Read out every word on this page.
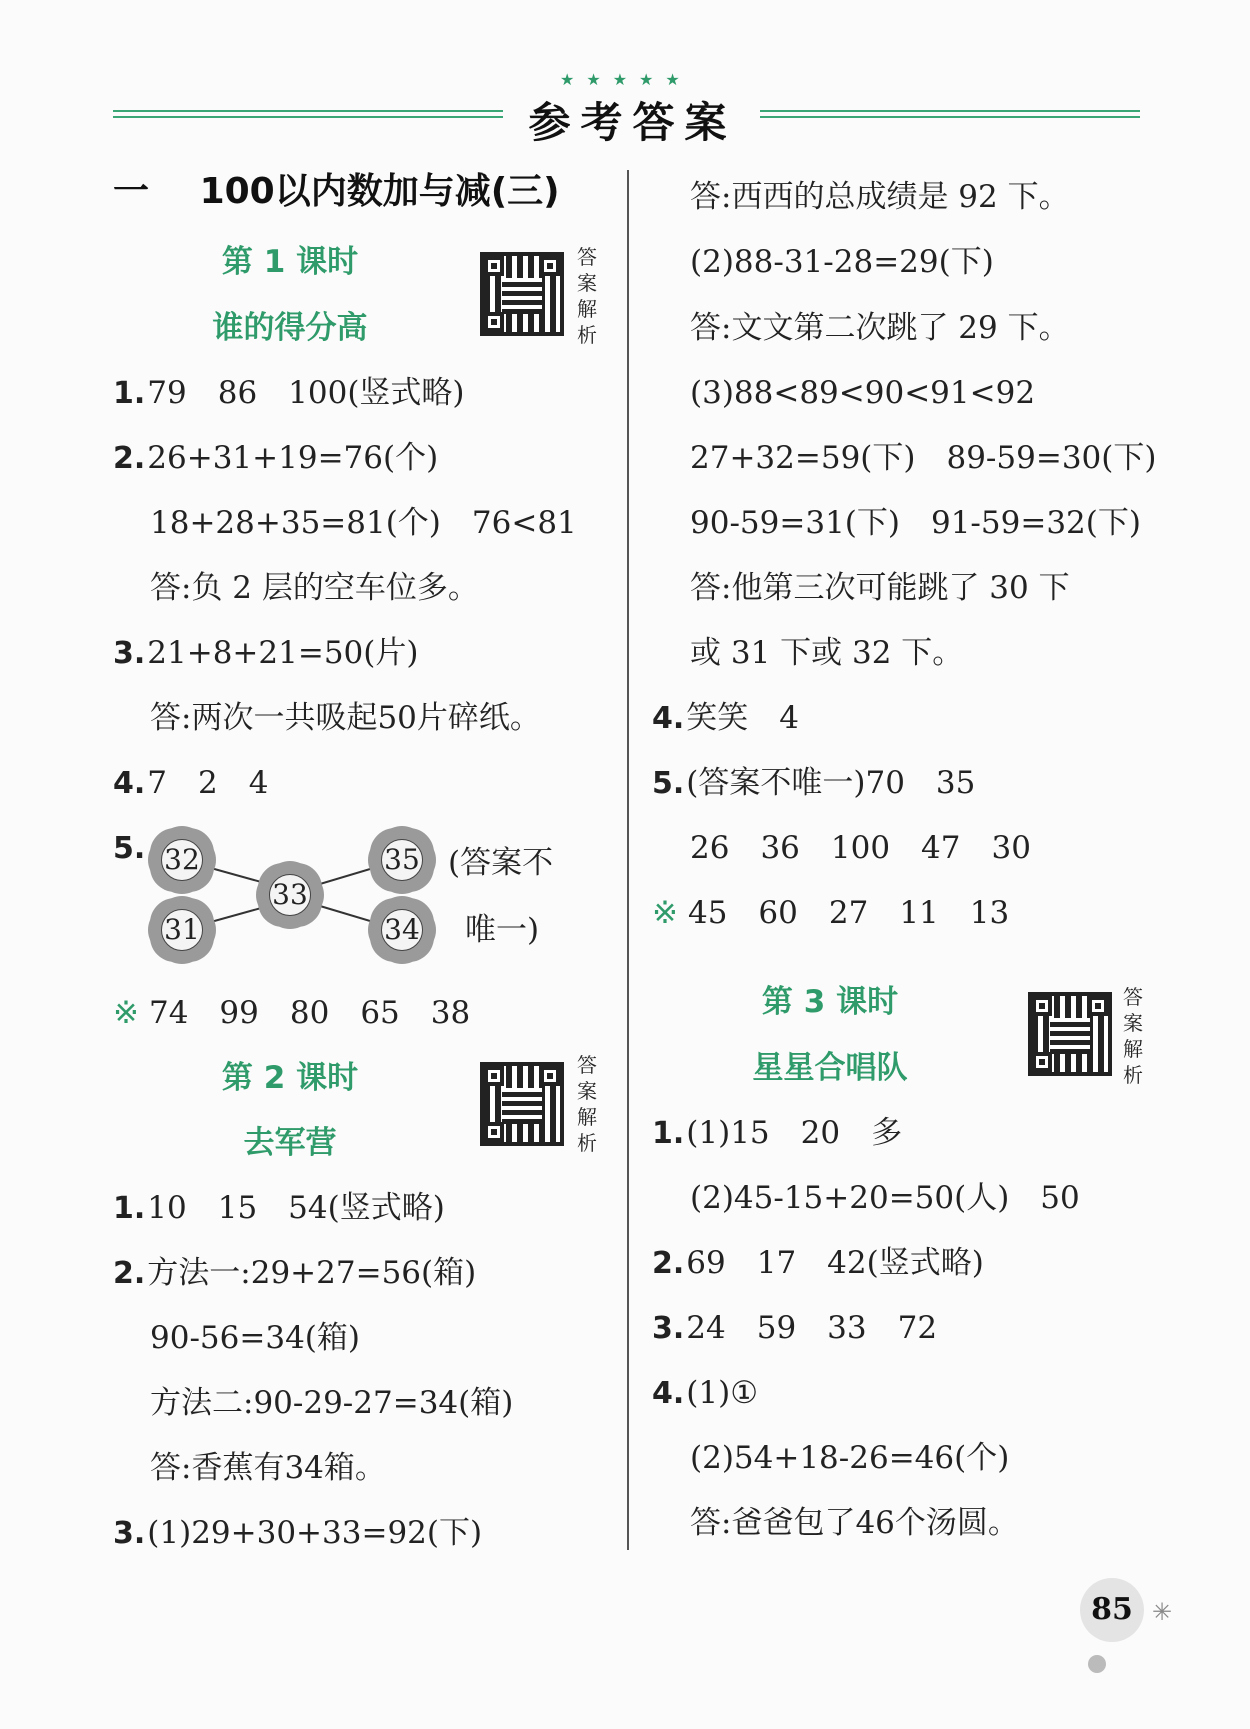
★★★★★
参考答案
一 100以内数加与减(三)
第 1 课时
谁的得分高
答
案
解
析
1.79　86　100(竖式略)
2.26+31+19=76(个)
18+28+35=81(个)　76<81
答:负 2 层的空车位多。
3.21+8+21=50(片)
答:两次一共吸起50片碎纸。
4.7　2　4
5. 32
31
33
35
34
(答案不
唯一)
※ 74　99　80　65　38
第 2 课时
去军营
答
案
解
析
1.10　15　54(竖式略)
2.方法一:29+27=56(箱)
90-56=34(箱)
方法二:90-29-27=34(箱)
答:香蕉有34箱。
3.(1)29+30+33=92(下)
答:西西的总成绩是 92 下。
(2)88-31-28=29(下)
答:文文第二次跳了 29 下。
(3)88<89<90<91<92
27+32=59(下)　89-59=30(下)
90-59=31(下)　91-59=32(下)
答:他第三次可能跳了 30 下
或 31 下或 32 下。
4.笑笑　4
5.(答案不唯一)70　35
26　36　100　47　30
※ 45　60　27　11　13
第 3 课时
星星合唱队
答
案
解
析
1.(1)15　20　多
(2)45-15+20=50(人)　50
2.69　17　42(竖式略)
3.24　59　33　72
4.(1)①
(2)54+18-26=46(个)
答:爸爸包了46个汤圆。
85 ✳
